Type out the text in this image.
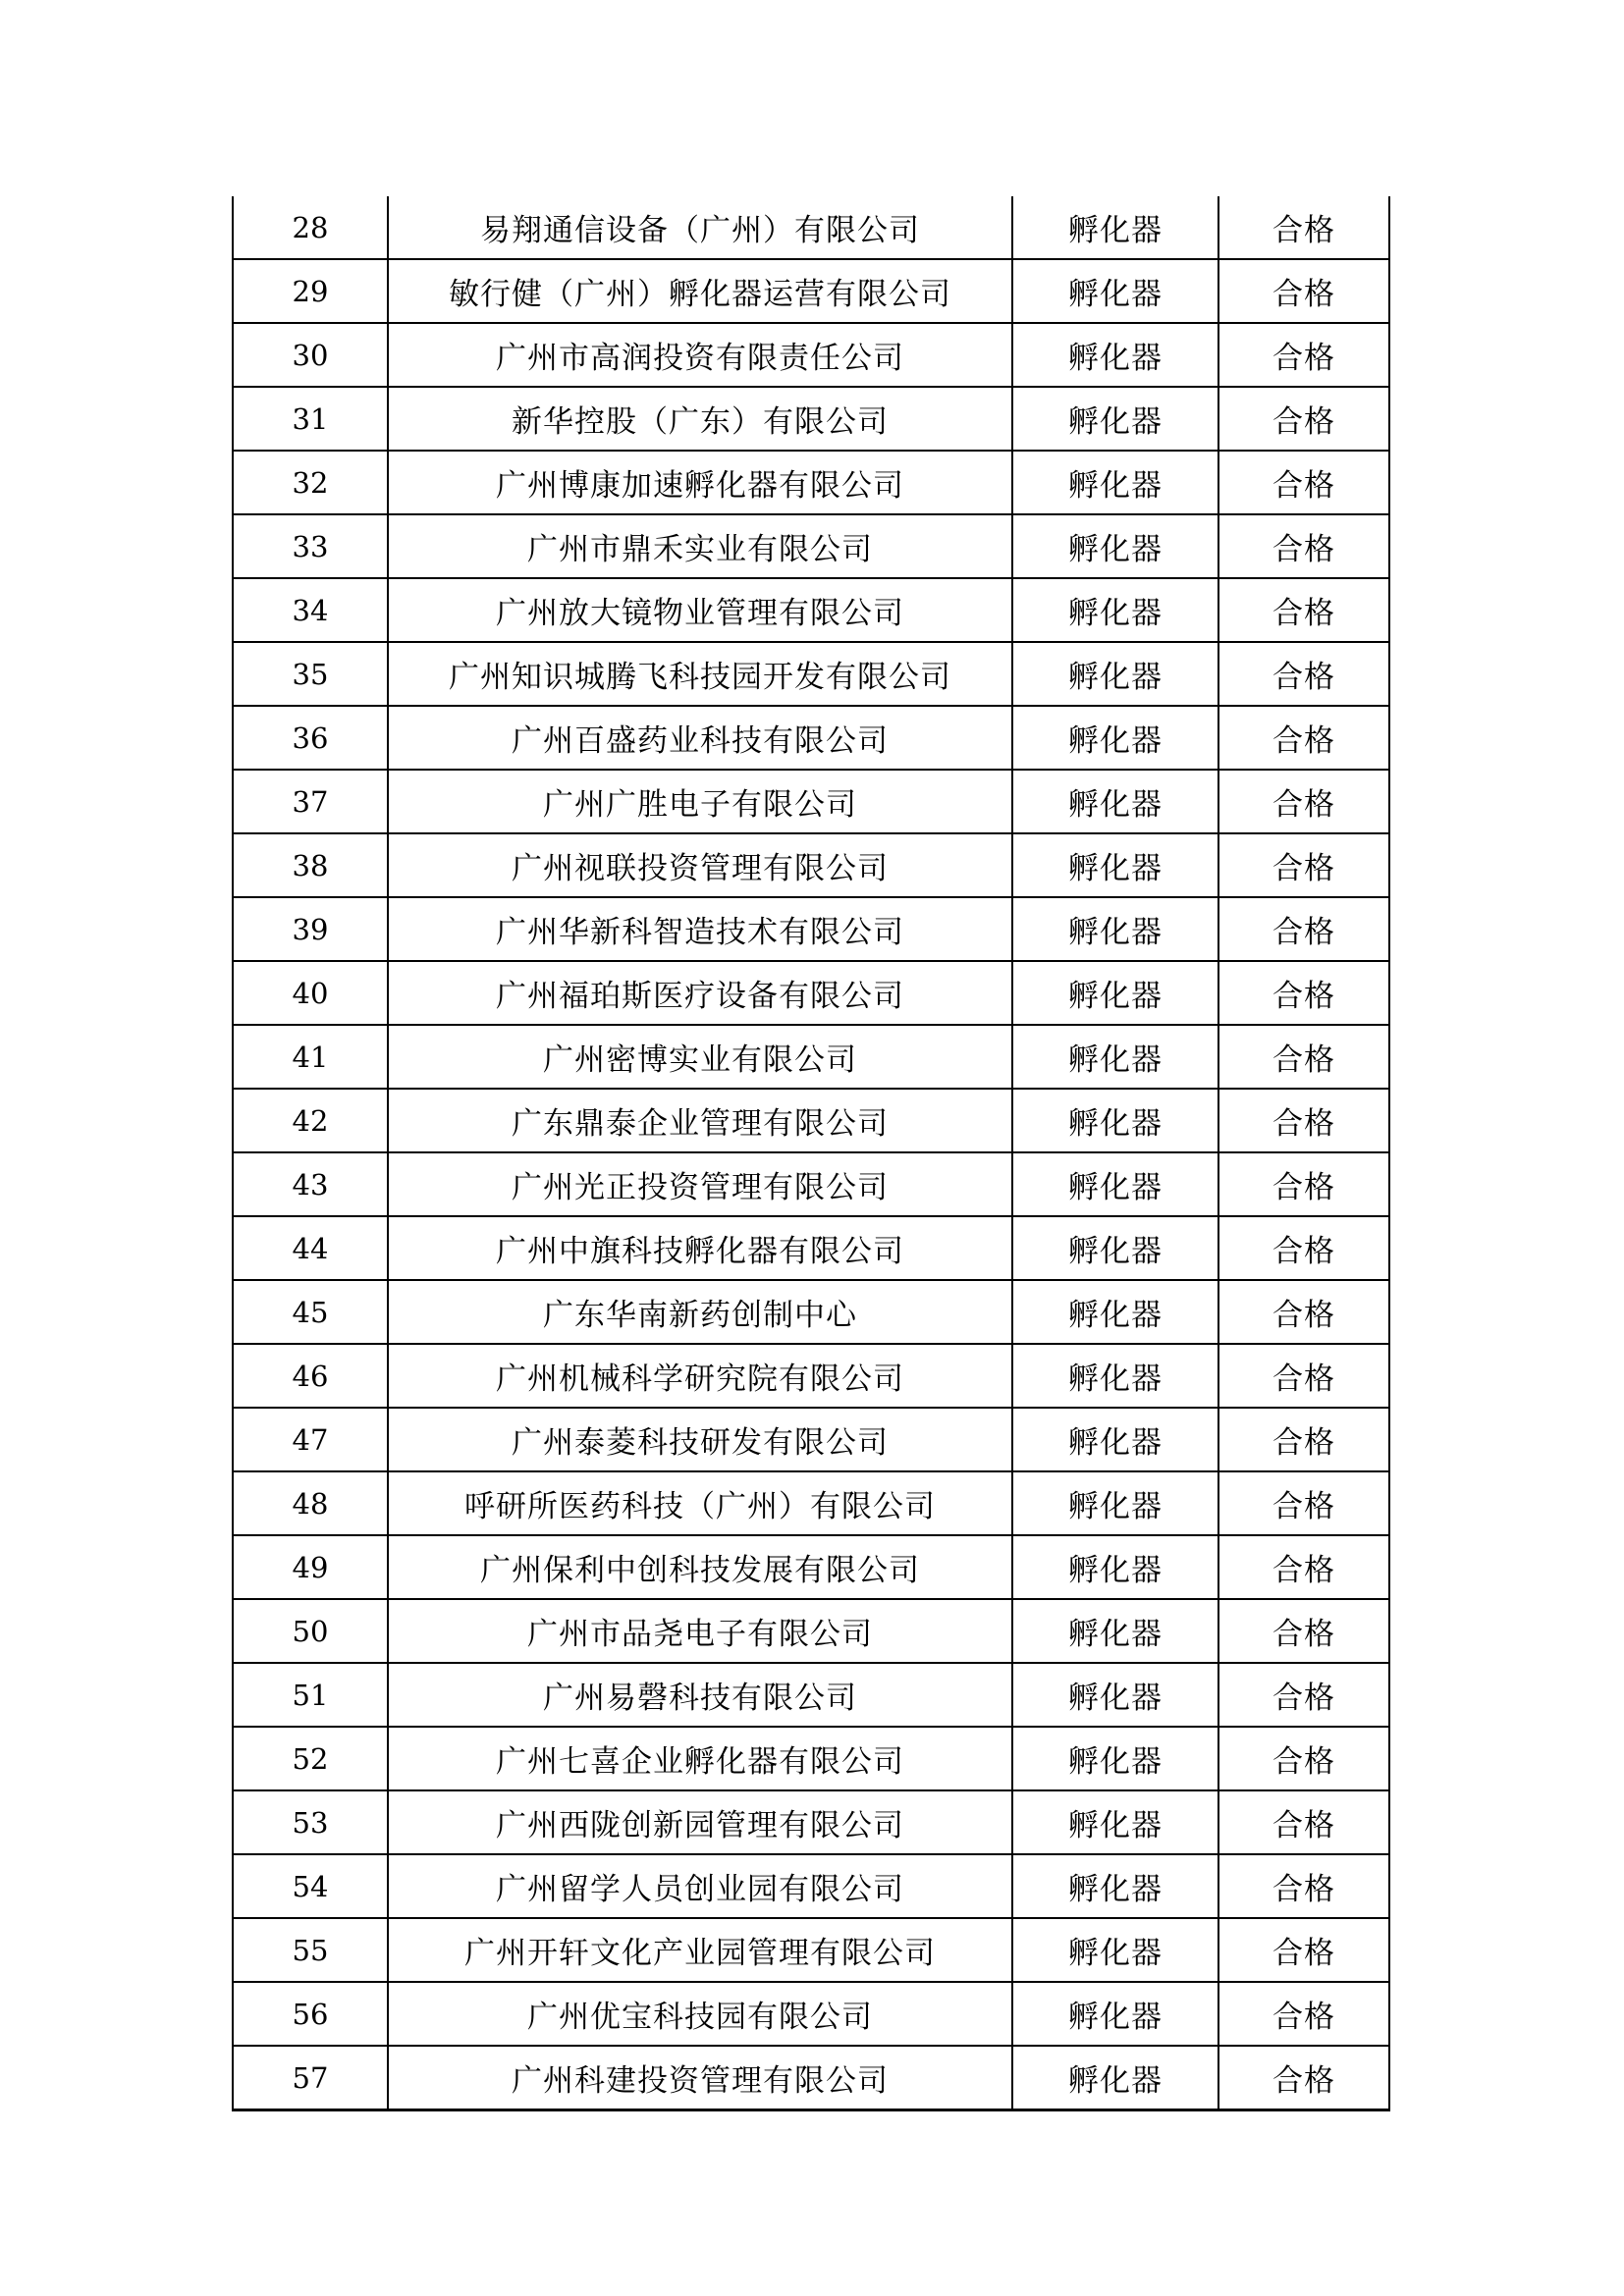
28	易翔通信设备（广州）有限公司	孵化器	合格
29	敏行健（广州）孵化器运营有限公司	孵化器	合格
30	广州市高润投资有限责任公司	孵化器	合格
31	新华控股（广东）有限公司	孵化器	合格
32	广州博康加速孵化器有限公司	孵化器	合格
33	广州市鼎禾实业有限公司	孵化器	合格
34	广州放大镜物业管理有限公司	孵化器	合格
35	广州知识城腾飞科技园开发有限公司	孵化器	合格
36	广州百盛药业科技有限公司	孵化器	合格
37	广州广胜电子有限公司	孵化器	合格
38	广州视联投资管理有限公司	孵化器	合格
39	广州华新科智造技术有限公司	孵化器	合格
40	广州福珀斯医疗设备有限公司	孵化器	合格
41	广州密博实业有限公司	孵化器	合格
42	广东鼎泰企业管理有限公司	孵化器	合格
43	广州光正投资管理有限公司	孵化器	合格
44	广州中旗科技孵化器有限公司	孵化器	合格
45	广东华南新药创制中心	孵化器	合格
46	广州机械科学研究院有限公司	孵化器	合格
47	广州泰菱科技研发有限公司	孵化器	合格
48	呼研所医药科技（广州）有限公司	孵化器	合格
49	广州保利中创科技发展有限公司	孵化器	合格
50	广州市品尧电子有限公司	孵化器	合格
51	广州易磬科技有限公司	孵化器	合格
52	广州七喜企业孵化器有限公司	孵化器	合格
53	广州西陇创新园管理有限公司	孵化器	合格
54	广州留学人员创业园有限公司	孵化器	合格
55	广州开轩文化产业园管理有限公司	孵化器	合格
56	广州优宝科技园有限公司	孵化器	合格
57	广州科建投资管理有限公司	孵化器	合格
